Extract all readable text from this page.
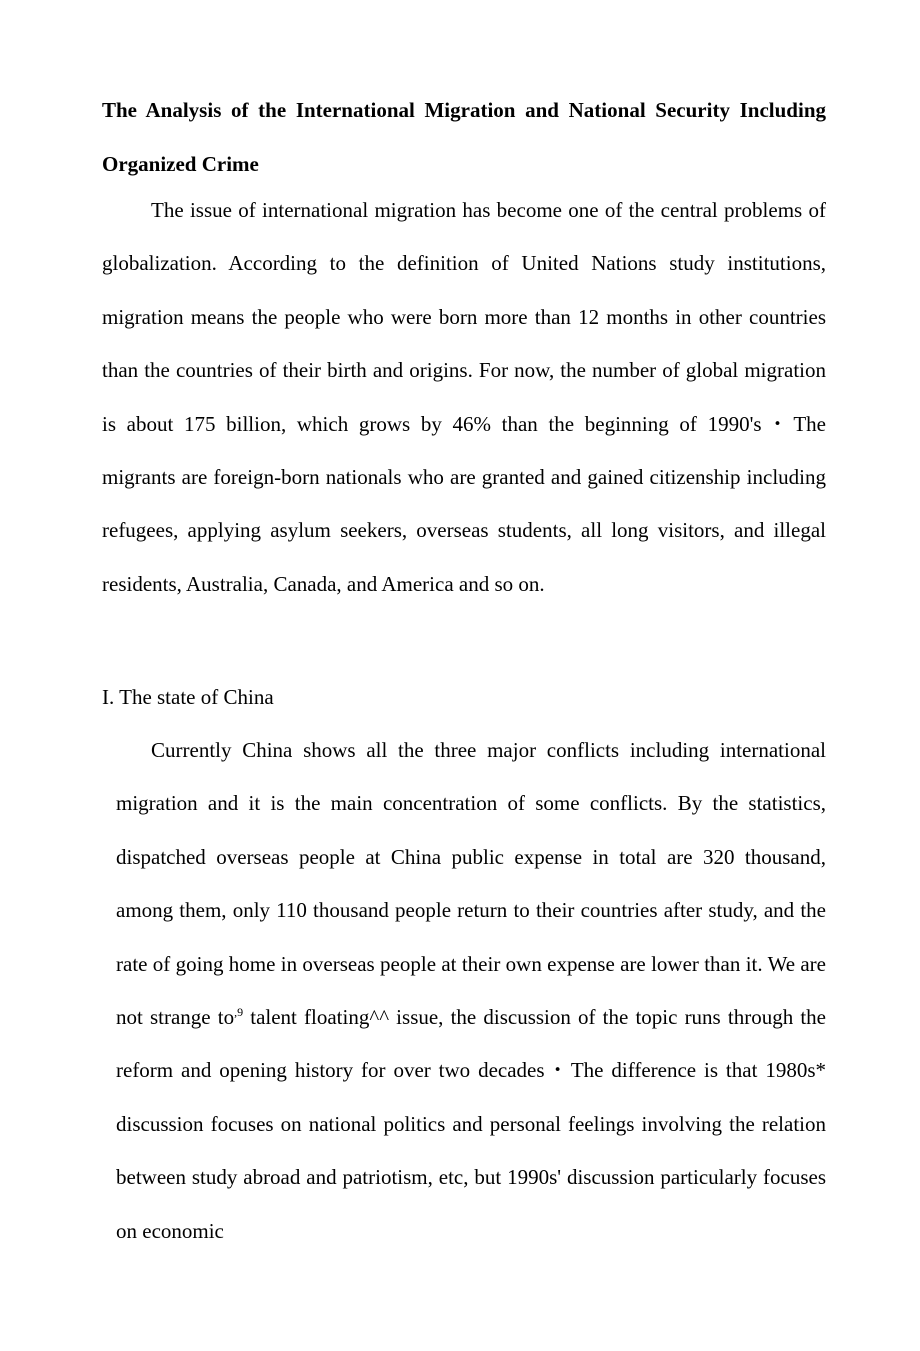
The Analysis of the International Migration and National Security Including Organized Crime

The issue of international migration has become one of the central problems of globalization. According to the definition of United Nations study institutions, migration means the people who were born more than 12 months in other countries than the countries of their birth and origins. For now, the number of global migration is about 175 billion, which grows by 46% than the beginning of 1990's・The migrants are foreign-born nationals who are granted and gained citizenship including refugees, applying asylum seekers, overseas students, all long visitors, and illegal residents, Australia, Canada, and America and so on.

I. The state of China

Currently China shows all the three major conflicts including international migration and it is the main concentration of some conflicts. By the statistics, dispatched overseas people at China public expense in total are 320 thousand, among them, only 110 thousand people return to their countries after study, and the rate of going home in overseas people at their own expense are lower than it. We are not strange $to^{,9}$ talent floating^^ issue, the discussion of the topic runs through the reform and opening history for over two decades・The difference is that 1980s* discussion focuses on national politics and personal feelings involving the relation between study abroad and patriotism, etc, but 1990s' discussion particularly focuses on economic
